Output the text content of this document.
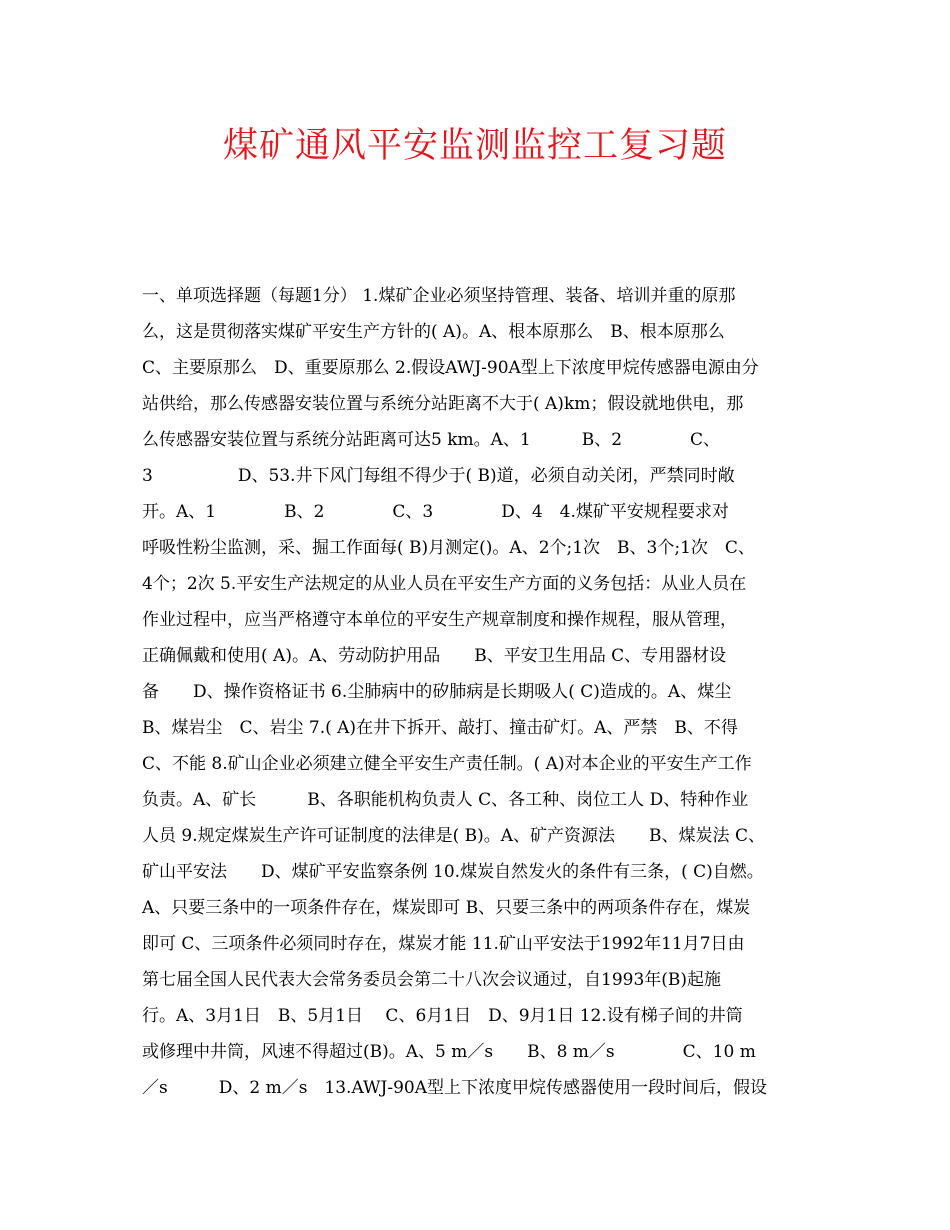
煤矿通风平安监测监控工复习题
一、单项选择题（每题1分） 1.煤矿企业必须坚持管理、装备、培训并重的原那
么，这是贯彻落实煤矿平安生产方针的( A)。A、根本原那么　B、根本原那么
C、主要原那么　D、重要原那么 2.假设AWJ-90A型上下浓度甲烷传感器电源由分
站供给，那么传感器安装位置与系统分站距离不大于( A)km；假设就地供电，那
么传感器安装位置与系统分站距离可达5 km。A、1　　　B、2　　　　C、
3　　　　　D、53.井下风门每组不得少于( B)道，必须自动关闭，严禁同时敞
开。A、1　　　　B、2　　　　C、3　　　　D、4　4.煤矿平安规程要求对
呼吸性粉尘监测，采、掘工作面每( B)月测定()。A、2个;1次　B、3个;1次　C、
4个；2次 5.平安生产法规定的从业人员在平安生产方面的义务包括：从业人员在
作业过程中，应当严格遵守本单位的平安生产规章制度和操作规程，服从管理，
正确佩戴和使用( A)。A、劳动防护用品　　B、平安卫生用品 C、专用器材设
备　　D、操作资格证书 6.尘肺病中的矽肺病是长期吸人( C)造成的。A、煤尘
B、煤岩尘　C、岩尘 7.( A)在井下拆开、敲打、撞击矿灯。A、严禁　B、不得
C、不能 8.矿山企业必须建立健全平安生产责任制。( A)对本企业的平安生产工作
负责。A、矿长　　　B、各职能机构负责人 C、各工种、岗位工人 D、特种作业
人员 9.规定煤炭生产许可证制度的法律是( B)。A、矿产资源法　　B、煤炭法 C、
矿山平安法　　D、煤矿平安监察条例 10.煤炭自然发火的条件有三条，( C)自燃。
A、只要三条中的一项条件存在，煤炭即可 B、只要三条中的两项条件存在，煤炭
即可 C、三项条件必须同时存在，煤炭才能 11.矿山平安法于1992年11月7日由
第七届全国人民代表大会常务委员会第二十八次会议通过，自1993年(B)起施
行。A、3月1日　B、5月1日　 C、6月1日　D、9月1日 12.设有梯子间的井筒
或修理中井筒，风速不得超过(B)。A、5 m／s　　B、8 m／s　　　　C、10 m
／s　　　D、2 m／s　13.AWJ-90A型上下浓度甲烷传感器使用一段时间后，假设
